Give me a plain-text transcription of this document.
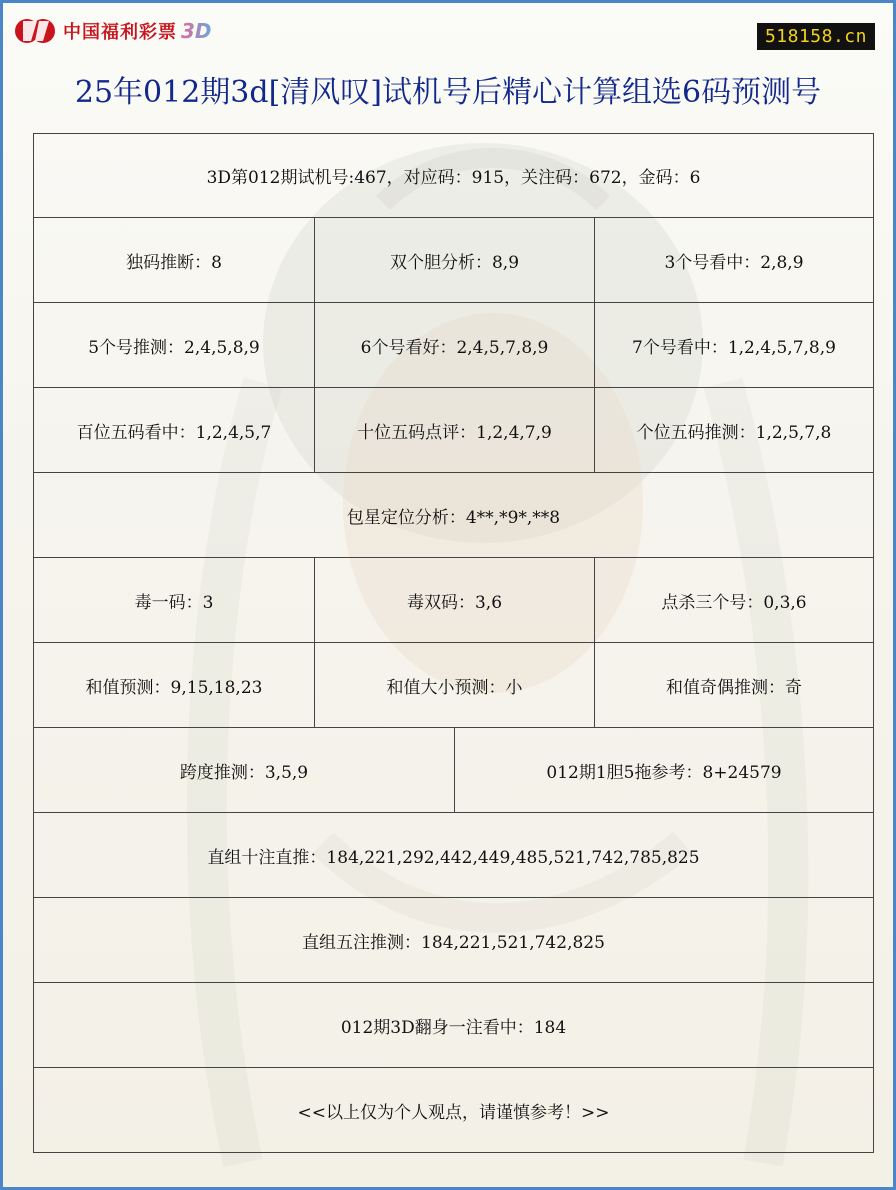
中国福利彩票 3D	518158.cn
25年012期3d[清风叹]试机号后精心计算组选6码预测号
3D第012期试机号:467，对应码：915，关注码：672，金码：6
独码推断：8	双个胆分析：8,9	3个号看中：2,8,9
5个号推测：2,4,5,8,9	6个号看好：2,4,5,7,8,9	7个号看中：1,2,4,5,7,8,9
百位五码看中：1,2,4,5,7	十位五码点评：1,2,4,7,9	个位五码推测：1,2,5,7,8
包星定位分析：4**,*9*,**8
毒一码：3	毒双码：3,6	点杀三个号：0,3,6
和值预测：9,15,18,23	和值大小预测：小	和值奇偶推测：奇
跨度推测：3,5,9	012期1胆5拖参考：8+24579
直组十注直推：184,221,292,442,449,485,521,742,785,825
直组五注推测：184,221,521,742,825
012期3D翻身一注看中：184
<<以上仅为个人观点，请谨慎参考！>>
